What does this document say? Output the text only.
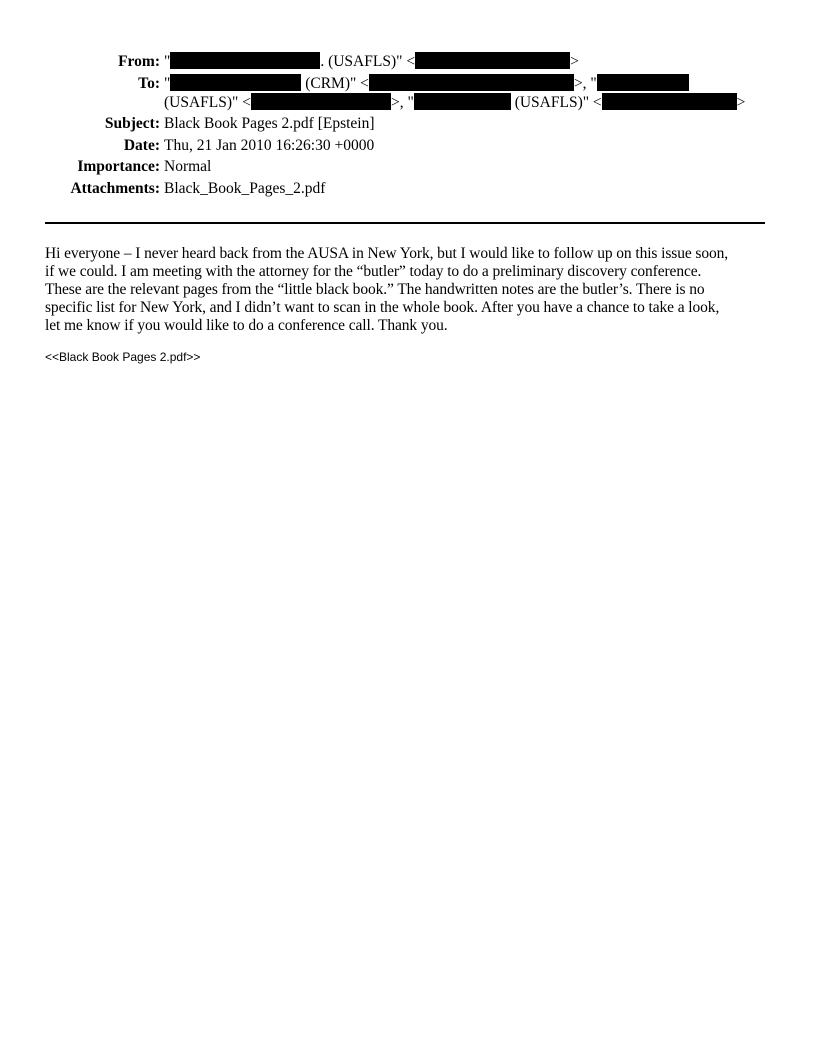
From: "	. (USAFLS)" <	>
To: "	(CRM)" <	>, "
(USAFLS)" <	>, "	(USAFLS)" <	>
Subject: Black Book Pages 2.pdf [Epstein]
Date: Thu, 21 Jan 2010 16:26:30 +0000
Importance: Normal
Attachments: Black_Book_Pages_2.pdf
Hi everyone – I never heard back from the AUSA in New York, but I would like to follow up on this issue soon,
if we could. I am meeting with the attorney for the “butler” today to do a preliminary discovery conference.
These are the relevant pages from the “little black book.” The handwritten notes are the butler’s. There is no
specific list for New York, and I didn’t want to scan in the whole book. After you have a chance to take a look,
let me know if you would like to do a conference call. Thank you.
<<Black Book Pages 2.pdf>>
